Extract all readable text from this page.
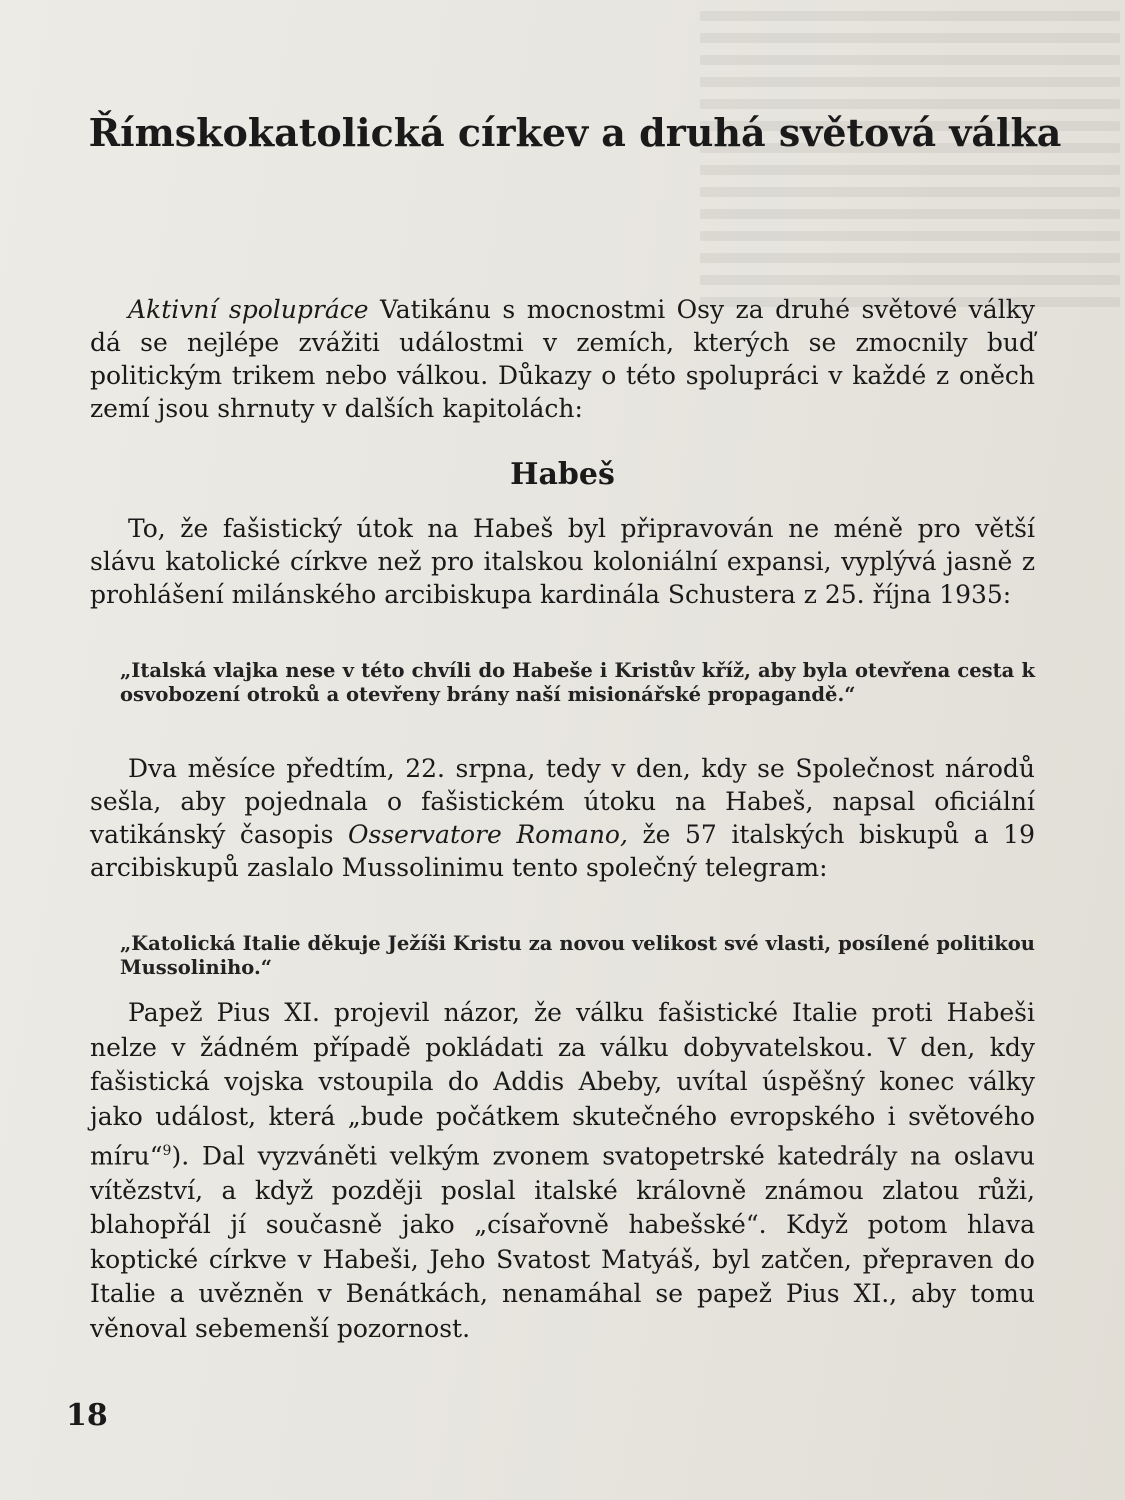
Římskokatolická církev a druhá světová válka

Aktivní spolupráce Vatikánu s mocnostmi Osy za druhé světové války dá se nejlépe zvážiti událostmi v zemích, kterých se zmocnily buď politickým trikem nebo válkou. Důkazy o této spolupráci v každé z oněch zemí jsou shrnuty v dalších kapitolách:

Habeš

To, že fašistický útok na Habeš byl připravován ne méně pro větší slávu katolické církve než pro italskou koloniální expansi, vyplývá jasně z prohlášení milánského arcibiskupa kardinála Schustera z 25. října 1935:

„Italská vlajka nese v této chvíli do Habeše i Kristův kříž, aby byla otevřena cesta k osvobození otroků a otevřeny brány naší misionářské propagandě.“

Dva měsíce předtím, 22. srpna, tedy v den, kdy se Společnost národů sešla, aby pojednala o fašistickém útoku na Habeš, napsal oficiální vatikánský časopis Osservatore Romano, že 57 italských biskupů a 19 arcibiskupů zaslalo Mussolinimu tento společný telegram:

„Katolická Italie děkuje Ježíši Kristu za novou velikost své vlasti, posílené politikou Mussoliniho.“

Papež Pius XI. projevil názor, že válku fašistické Italie proti Habeši nelze v žádném případě pokládati za válku dobyvatelskou. V den, kdy fašistická vojska vstoupila do Addis Abeby, uvítal úspěšný konec války jako událost, která „bude počátkem skutečného evropského i světového míru“$^9$). Dal vyzváněti velkým zvonem svatopetrské katedrály na oslavu vítězství, a když později poslal italské královně známou zlatou růži, blahopřál jí současně jako „císařovně habešské“. Když potom hlava koptické církve v Habeši, Jeho Svatost Matyáš, byl zatčen, přepraven do Italie a uvězněn v Benátkách, nenamáhal se papež Pius XI., aby tomu věnoval sebemenší pozornost.

18
